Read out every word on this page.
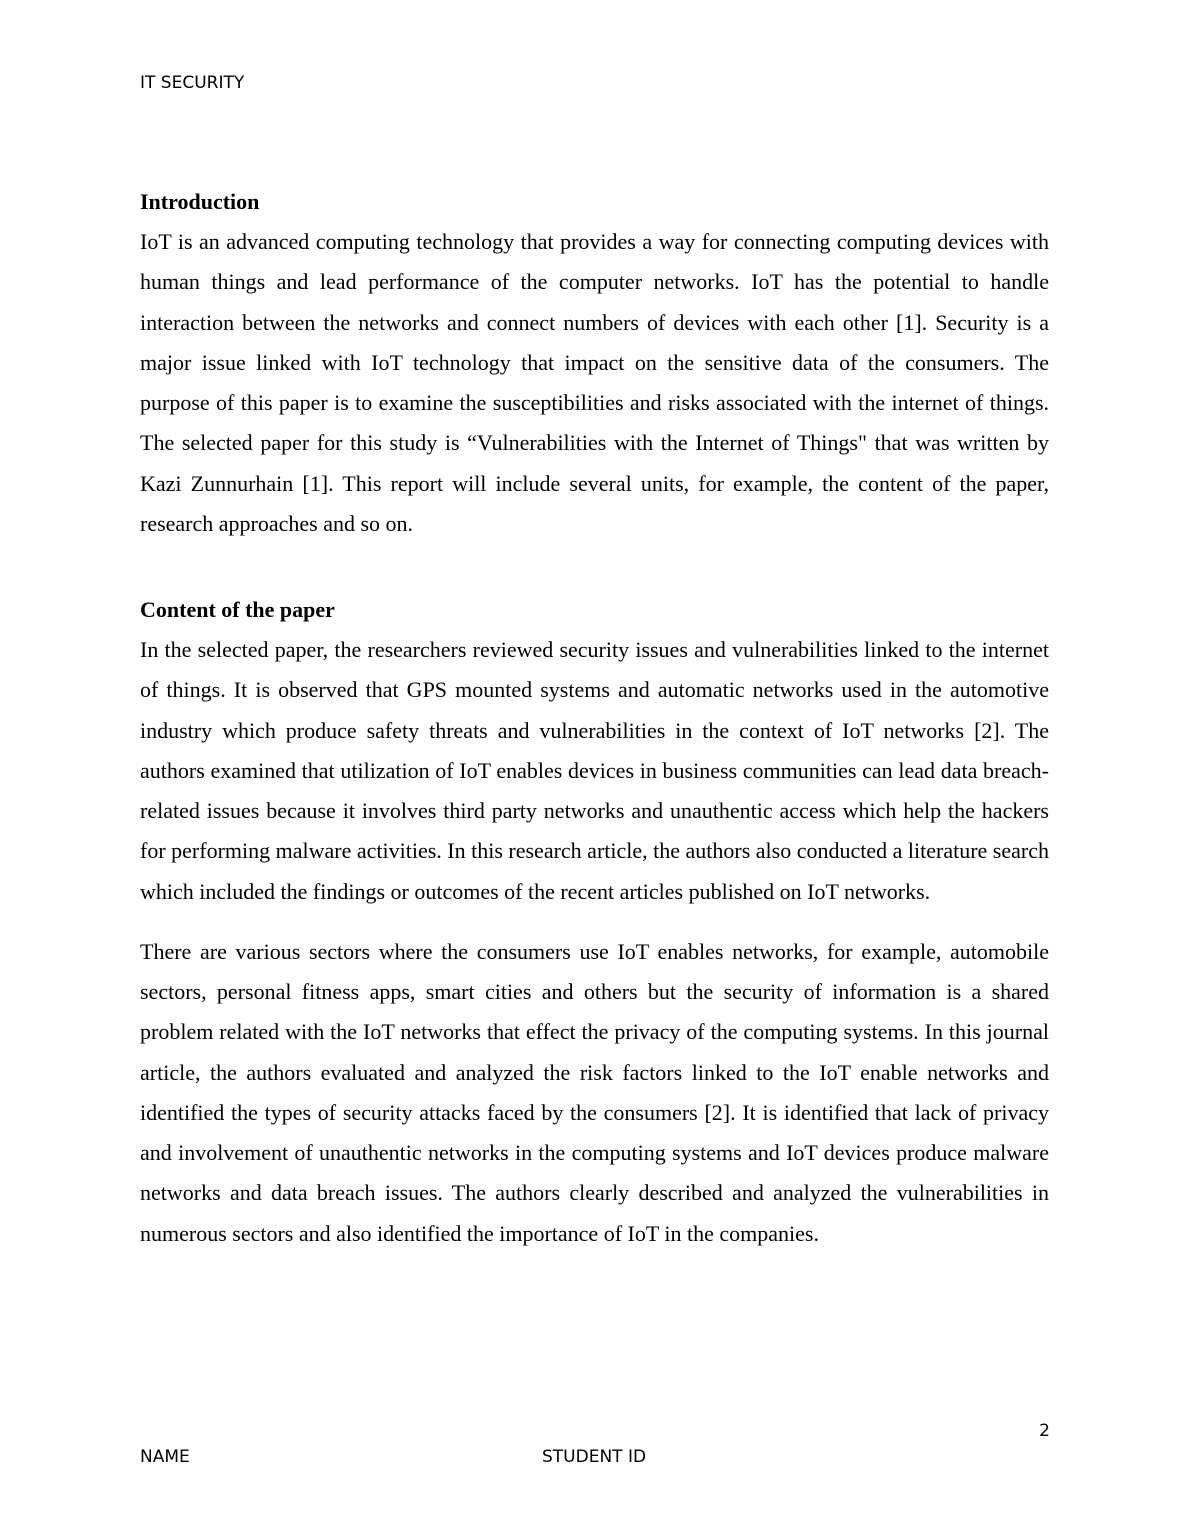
IT SECURITY
Introduction
IoT is an advanced computing technology that provides a way for connecting computing devices with human things and lead performance of the computer networks. IoT has the potential to handle interaction between the networks and connect numbers of devices with each other [1]. Security is a major issue linked with IoT technology that impact on the sensitive data of the consumers. The purpose of this paper is to examine the susceptibilities and risks associated with the internet of things. The selected paper for this study is “Vulnerabilities with the Internet of Things" that was written by Kazi Zunnurhain [1]. This report will include several units, for example, the content of the paper, research approaches and so on.
Content of the paper
In the selected paper, the researchers reviewed security issues and vulnerabilities linked to the internet of things. It is observed that GPS mounted systems and automatic networks used in the automotive industry which produce safety threats and vulnerabilities in the context of IoT networks [2]. The authors examined that utilization of IoT enables devices in business communities can lead data breach-related issues because it involves third party networks and unauthentic access which help the hackers for performing malware activities. In this research article, the authors also conducted a literature search which included the findings or outcomes of the recent articles published on IoT networks.
There are various sectors where the consumers use IoT enables networks, for example, automobile sectors, personal fitness apps, smart cities and others but the security of information is a shared problem related with the IoT networks that effect the privacy of the computing systems. In this journal article, the authors evaluated and analyzed the risk factors linked to the IoT enable networks and identified the types of security attacks faced by the consumers [2]. It is identified that lack of privacy and involvement of unauthentic networks in the computing systems and IoT devices produce malware networks and data breach issues. The authors clearly described and analyzed the vulnerabilities in numerous sectors and also identified the importance of IoT in the companies.
2
NAME	STUDENT ID
